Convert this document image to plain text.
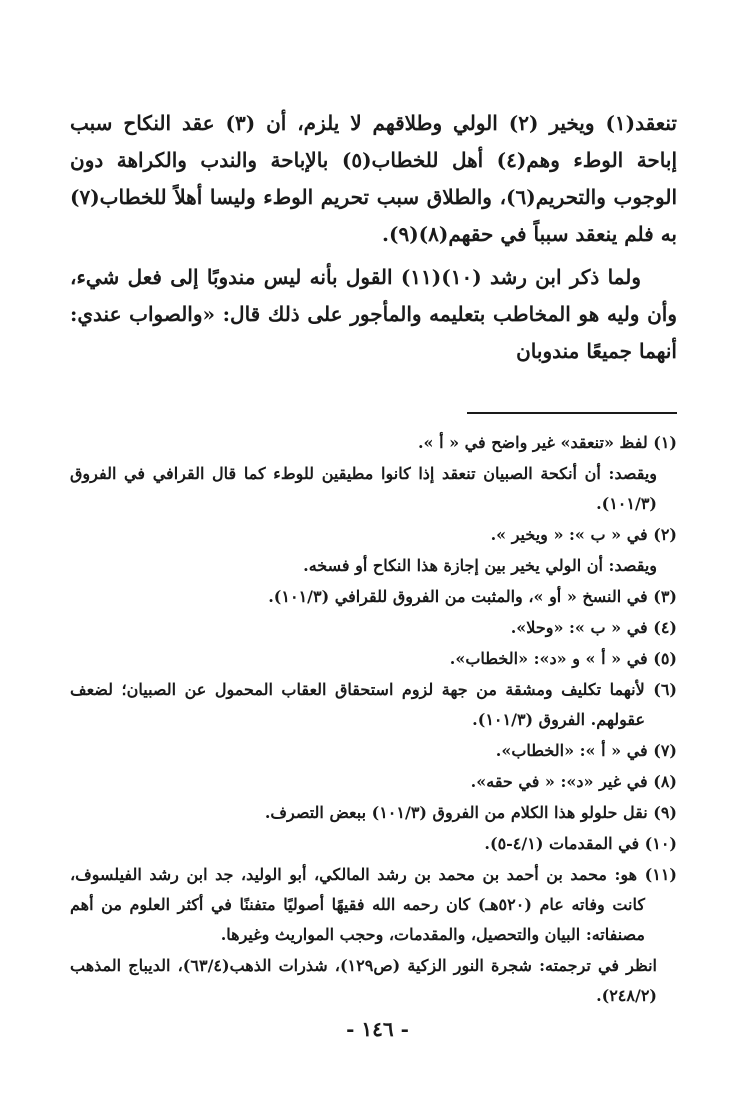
تنعقد(١) ويخير (٢) الولي وطلاقهم لا يلزم، أن (٣) عقد النكاح سبب إباحة الوطء وهم(٤) أهل للخطاب(٥) بالإباحة والندب والكراهة دون الوجوب والتحريم(٦)، والطلاق سبب تحريم الوطء وليسا أهلاً للخطاب(٧) به فلم ينعقد سبباً في حقهم(٨)(٩).

ولما ذكر ابن رشد (١٠)(١١) القول بأنه ليس مندوبًا إلى فعل شيء، وأن وليه هو المخاطب بتعليمه والمأجور على ذلك قال: «والصواب عندي: أنهما جميعًا مندوبان

(١) لفظ «تنعقد» غير واضح في « أ ».

ويقصد: أن أنكحة الصبيان تنعقد إذا كانوا مطيقين للوطء كما قال القرافي في الفروق (١٠١/٣).

(٢) في « ب »: « ويخير ».

ويقصد: أن الولي يخير بين إجازة هذا النكاح أو فسخه.

(٣) في النسخ « أو »، والمثبت من الفروق للقرافي (١٠١/٣).

(٤) في « ب »: «وحلا».

(٥) في « أ » و «د»: «الخطاب».

(٦) لأنهما تكليف ومشقة من جهة لزوم استحقاق العقاب المحمول عن الصبيان؛ لضعف عقولهم. الفروق (١٠١/٣).

(٧) في « أ »: «الخطاب».

(٨) في غير «د»: « في حقه».

(٩) نقل حلولو هذا الكلام من الفروق (١٠١/٣) ببعض التصرف.

(١٠) في المقدمات (٤/١-٥).

(١١) هو: محمد بن أحمد بن محمد بن رشد المالكي، أبو الوليد، جد ابن رشد الفيلسوف، كانت وفاته عام (٥٢٠هـ) كان رحمه الله فقيهًا أصوليًا متفننًا في أكثر العلوم من أهم مصنفاته: البيان والتحصيل، والمقدمات، وحجب المواريث وغيرها.

انظر في ترجمته: شجرة النور الزكية (ص١٢٩)، شذرات الذهب(٦٣/٤)، الديباج المذهب (٢٤٨/٢).

- ١٤٦ -
